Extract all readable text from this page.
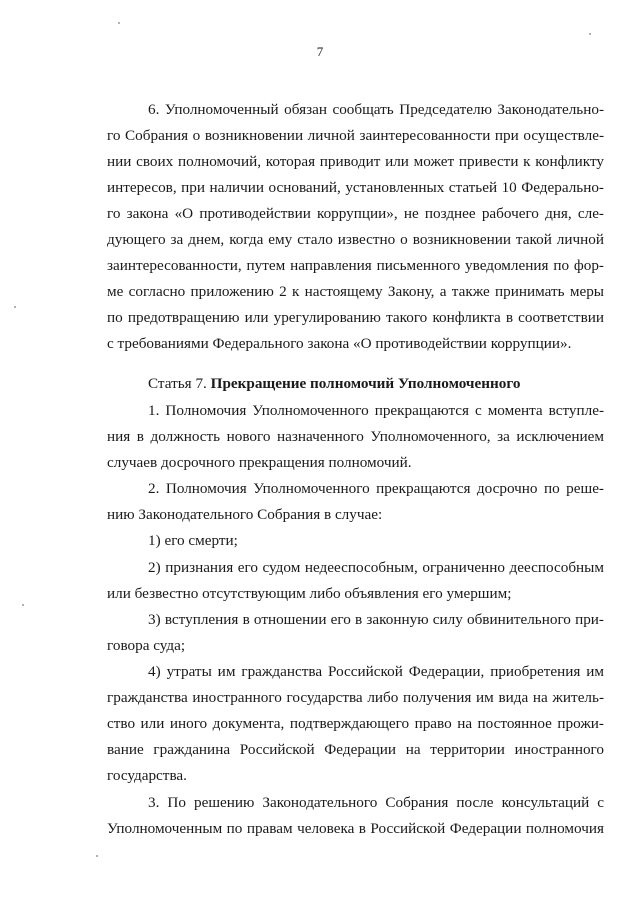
7
6. Уполномоченный обязан сообщать Председателю Законодательно-
го Собрания о возникновении личной заинтересованности при осуществле-
нии своих полномочий, которая приводит или может привести к конфликту
интересов, при наличии оснований, установленных статьей 10 Федерально-
го закона «О противодействии коррупции», не позднее рабочего дня, сле-
дующего за днем, когда ему стало известно о возникновении такой личной
заинтересованности, путем направления письменного уведомления по фор-
ме согласно приложению 2 к настоящему Закону, а также принимать меры
по предотвращению или урегулированию такого конфликта в соответствии
с требованиями Федерального закона «О противодействии коррупции».
Статья 7. Прекращение полномочий Уполномоченного
1. Полномочия Уполномоченного прекращаются с момента вступле-
ния в должность нового назначенного Уполномоченного, за исключением
случаев досрочного прекращения полномочий.
2. Полномочия Уполномоченного прекращаются досрочно по реше-
нию Законодательного Собрания в случае:
1) его смерти;
2) признания его судом недееспособным, ограниченно дееспособным
или безвестно отсутствующим либо объявления его умершим;
3) вступления в отношении его в законную силу обвинительного при-
говора суда;
4) утраты им гражданства Российской Федерации, приобретения им
гражданства иностранного государства либо получения им вида на житель-
ство или иного документа, подтверждающего право на постоянное прожи-
вание гражданина Российской Федерации на территории иностранного
государства.
3. По решению Законодательного Собрания после консультаций с
Уполномоченным по правам человека в Российской Федерации полномочия
